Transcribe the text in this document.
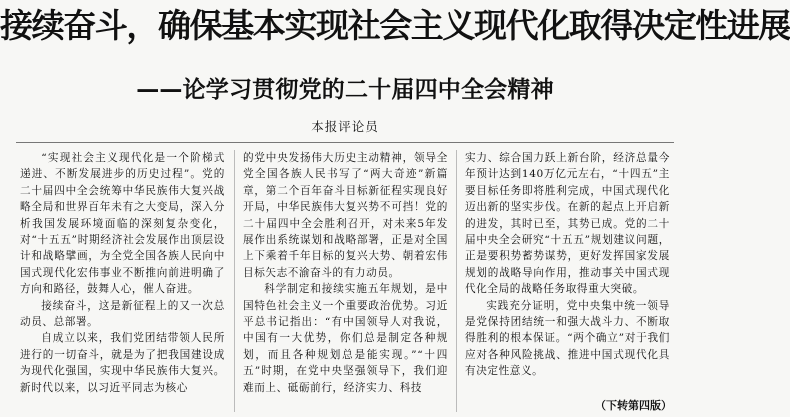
接续奋斗，确保基本实现社会主义现代化取得决定性进展
——论学习贯彻党的二十届四中全会精神
本报评论员

“实现社会主义现代化是一个阶梯式递进、不断发展进步的历史过程”。党的二十届四中全会统筹中华民族伟大复兴战略全局和世界百年未有之大变局，深入分析我国发展环境面临的深刻复杂变化，对“十五五”时期经济社会发展作出顶层设计和战略擘画，为全党全国各族人民向中国式现代化宏伟事业不断推向前进明确了方向和路径，鼓舞人心，催人奋进。

接续奋斗，这是新征程上的又一次总动员、总部署。

自成立以来，我们党团结带领人民所进行的一切奋斗，就是为了把我国建设成为现代化强国，实现中华民族伟大复兴。新时代以来，以习近平同志为核心

的党中央发扬伟大历史主动精神，领导全党全国各族人民书写了“两大奇迹”新篇章，第二个百年奋斗目标新征程实现良好开局，中华民族伟大复兴势不可挡！党的二十届四中全会胜利召开，对未来5年发展作出系统谋划和战略部署，正是对全国上下乘着千年目标的复兴大势、朝着宏伟目标矢志不渝奋斗的有力动员。

科学制定和接续实施五年规划，是中国特色社会主义一个重要政治优势。习近平总书记指出：“有中国领导人对我说，中国有一大优势，你们总是制定各种规划，而且各种规划总是能实现。”“十四五”时期，在党中央坚强领导下，我们迎难而上、砥砺前行，经济实力、科技

实力、综合国力跃上新台阶，经济总量今年预计达到140万亿元左右，“十四五”主要目标任务即将胜利完成，中国式现代化迈出新的坚实步伐。在新的起点上开启新的进发，其时已至，其势已成。党的二十届中央全会研究“十五五”规划建议问题，正是要积势蓄势谋势，更好发挥国家发展规划的战略导向作用，推动事关中国式现代化全局的战略任务取得重大突破。

实践充分证明，党中央集中统一领导是党保持团结统一和强大战斗力、不断取得胜利的根本保证。“两个确立”对于我们应对各种风险挑战、推进中国式现代化具有决定性意义。

（下转第四版）
